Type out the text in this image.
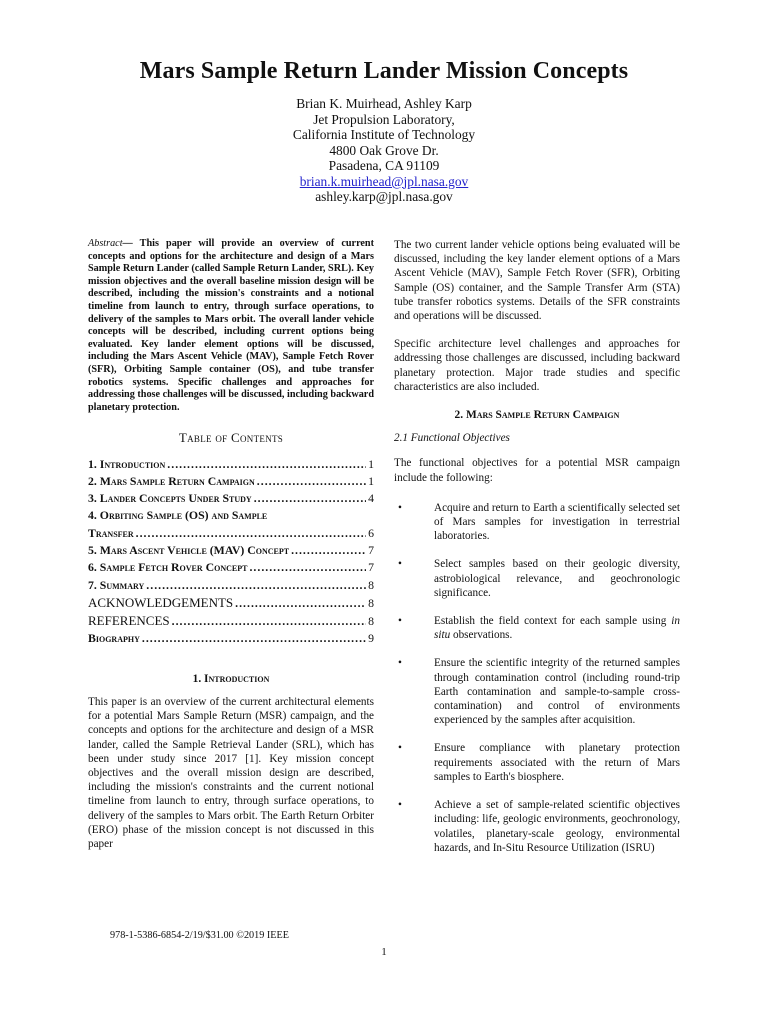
Mars Sample Return Lander Mission Concepts
Brian K. Muirhead, Ashley Karp
Jet Propulsion Laboratory,
California Institute of Technology
4800 Oak Grove Dr.
Pasadena, CA 91109
brian.k.muirhead@jpl.nasa.gov
ashley.karp@jpl.nasa.gov
Abstract— This paper will provide an overview of current concepts and options for the architecture and design of a Mars Sample Return Lander (called Sample Return Lander, SRL). Key mission objectives and the overall baseline mission design will be described, including the mission's constraints and a notional timeline from launch to entry, through surface operations, to delivery of the samples to Mars orbit. The overall lander vehicle concepts will be described, including current options being evaluated. Key lander element options will be discussed, including the Mars Ascent Vehicle (MAV), Sample Fetch Rover (SFR), Orbiting Sample container (OS), and tube transfer robotics systems. Specific challenges and approaches for addressing those challenges will be discussed, including backward planetary protection.
Table of Contents
1. Introduction .....	1
2. Mars Sample Return Campaign .....	1
3. Lander Concepts Under Study .....	4
4. Orbiting Sample (OS) and Sample
Transfer .....	6
5. Mars Ascent Vehicle (MAV) Concept .....	7
6. Sample Fetch Rover Concept .....	7
7. Summary .....	8
ACKNOWLEDGEMENTS .....	8
REFERENCES .....	8
Biography .....	9
1. Introduction

This paper is an overview of the current architectural elements for a potential Mars Sample Return (MSR) campaign, and the concepts and options for the architecture and design of a MSR lander, called the Sample Retrieval Lander (SRL), which has been under study since 2017 [1]. Key mission concept objectives and the overall mission design are described, including the mission's constraints and the current notional timeline from launch to entry, through surface operations, to delivery of the samples to Mars orbit. The Earth Return Orbiter (ERO) phase of the mission concept is not discussed in this paper

The two current lander vehicle options being evaluated will be discussed, including the key lander element options of a Mars Ascent Vehicle (MAV), Sample Fetch Rover (SFR), Orbiting Sample (OS) container, and the Sample Transfer Arm (STA) tube transfer robotics systems. Details of the SFR constraints and operations will be discussed.

Specific architecture level challenges and approaches for addressing those challenges are discussed, including backward planetary protection. Major trade studies and specific characteristics are also included.

2. Mars Sample Return Campaign
2.1 Functional Objectives

The functional objectives for a potential MSR campaign include the following:

•	Acquire and return to Earth a scientifically selected set of Mars samples for investigation in terrestrial laboratories.
•	Select samples based on their geologic diversity, astrobiological relevance, and geochronologic significance.
•	Establish the field context for each sample using in situ observations.
•	Ensure the scientific integrity of the returned samples through contamination control (including round-trip Earth contamination and sample-to-sample cross-contamination) and control of environments experienced by the samples after acquisition.
•	Ensure compliance with planetary protection requirements associated with the return of Mars samples to Earth's biosphere.
•	Achieve a set of sample-related scientific objectives including: life, geologic environments, geochronology, volatiles, planetary-scale geology, environmental hazards, and In-Situ Resource Utilization (ISRU)
978-1-5386-6854-2/19/$31.00 ©2019 IEEE
1
